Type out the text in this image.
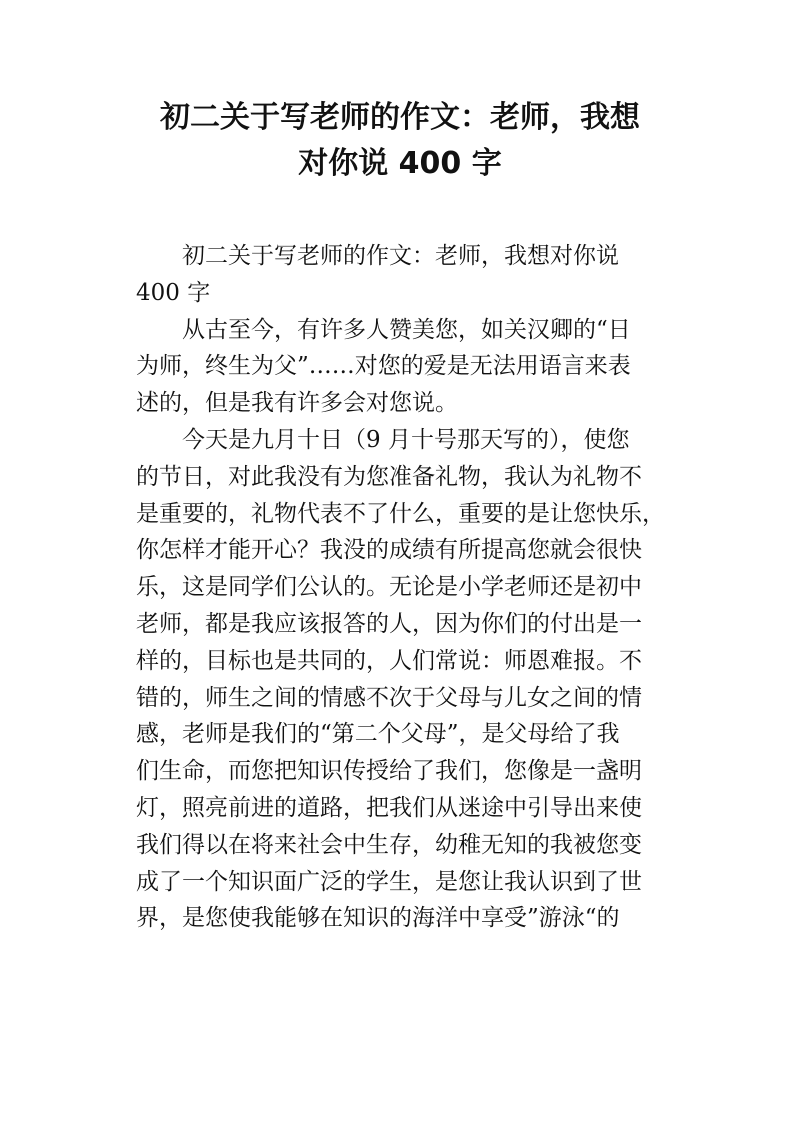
初二关于写老师的作文：老师，我想
对你说 400 字
初二关于写老师的作文：老师，我想对你说
400 字
从古至今，有许多人赞美您，如关汉卿的“日
为师，终生为父”……对您的爱是无法用语言来表
述的，但是我有许多会对您说。
今天是九月十日（9 月十号那天写的），使您
的节日，对此我没有为您准备礼物，我认为礼物不
是重要的，礼物代表不了什么，重要的是让您快乐，
你怎样才能开心？我没的成绩有所提高您就会很快
乐，这是同学们公认的。无论是小学老师还是初中
老师，都是我应该报答的人，因为你们的付出是一
样的，目标也是共同的，人们常说：师恩难报。不
错的，师生之间的情感不次于父母与儿女之间的情
感，老师是我们的“第二个父母”，是父母给了我
们生命，而您把知识传授给了我们，您像是一盏明
灯，照亮前进的道路，把我们从迷途中引导出来使
我们得以在将来社会中生存，幼稚无知的我被您变
成了一个知识面广泛的学生，是您让我认识到了世
界，是您使我能够在知识的海洋中享受”游泳“的
